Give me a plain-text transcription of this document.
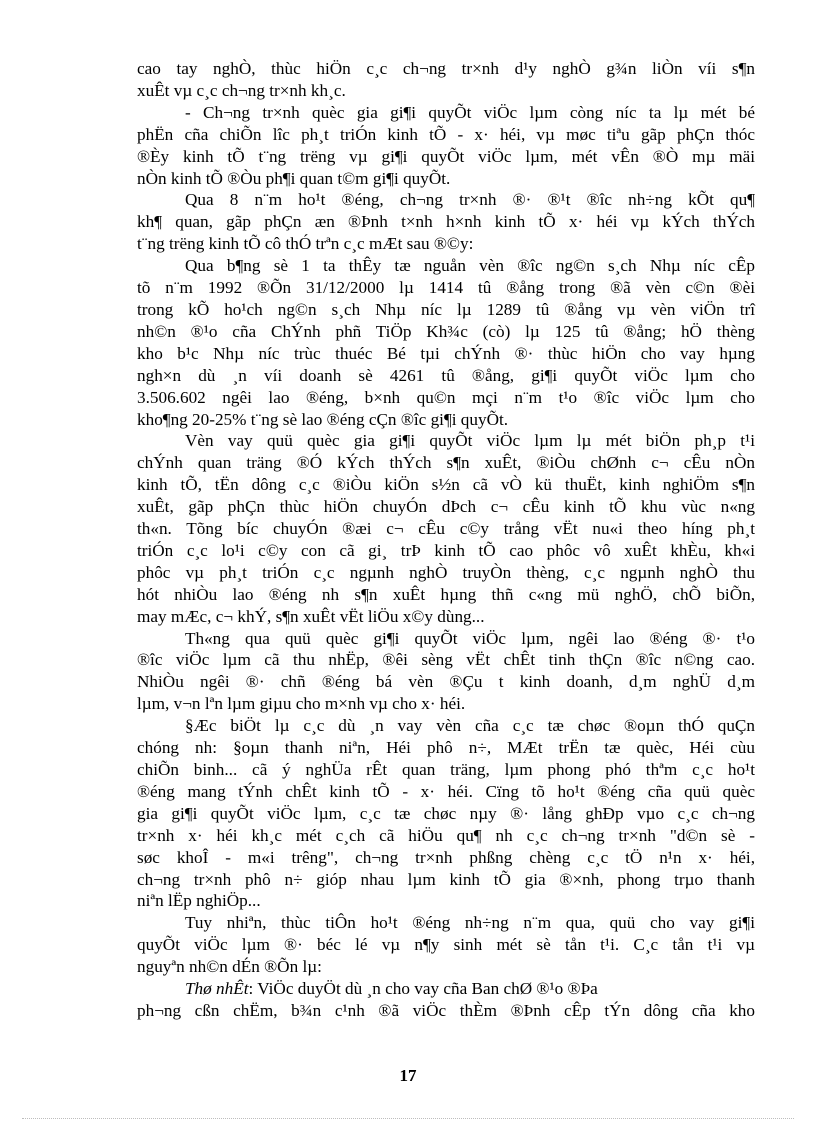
cao tay nghÒ, thùc hiÖn c¸c ch¬ng tr×nh d¹y nghÒ g¾n liÒn víi s¶n
xuÊt vµ c¸c ch¬ng tr×nh kh¸c.

- Ch¬ng tr×nh quèc gia gi¶i quyÕt viÖc lµm còng níc ta lµ mét bé
phËn cña chiÕn lîc ph¸t triÓn kinh tÕ - x· héi, vµ møc tiªu gãp phÇn thóc
®Èy kinh tÕ t¨ng trëng vµ gi¶i quyÕt viÖc lµm, mét vÊn ®Ò mµ mäi
nÒn kinh tÕ ®Òu ph¶i quan t©m gi¶i quyÕt.

Qua 8 n¨m ho¹t ®éng, ch¬ng tr×nh ®· ®¹t ®îc nh÷ng kÕt qu¶
kh¶ quan, gãp phÇn æn ®Þnh t×nh h×nh kinh tÕ x· héi vµ kÝch thÝch
t¨ng trëng kinh tÕ cô thÓ trªn c¸c mÆt sau ®©y:

Qua b¶ng sè 1 ta thÊy tæ nguån vèn ®îc ng©n s¸ch Nhµ níc cÊp
tõ n¨m 1992 ®Õn 31/12/2000 lµ 1414 tû ®ång trong ®ã vèn c©n ®èi
trong kÕ ho¹ch ng©n s¸ch Nhµ níc lµ 1289 tû ®ång vµ vèn viÖn trî
nh©n ®¹o cña ChÝnh phñ TiÖp Kh¾c (cò) lµ 125 tû ®ång; hÖ thèng
kho b¹c Nhµ níc trùc thuéc Bé tµi chÝnh ®· thùc hiÖn cho vay hµng
ngh×n dù ¸n víi doanh sè 4261 tû ®ång, gi¶i quyÕt viÖc lµm cho
3.506.602 ngêi lao ®éng, b×nh qu©n mçi n¨m t¹o ®îc viÖc lµm cho
kho¶ng 20-25% t¨ng sè lao ®éng cÇn ®îc gi¶i quyÕt.

Vèn vay quü quèc gia gi¶i quyÕt viÖc lµm lµ mét biÖn ph¸p t¹i
chÝnh quan träng ®Ó kÝch thÝch s¶n xuÊt, ®iÒu chØnh c¬ cÊu nÒn
kinh tÕ, tËn dông c¸c ®iÒu kiÖn s½n cã vÒ kü thuËt, kinh nghiÖm s¶n
xuÊt, gãp phÇn thùc hiÖn chuyÓn dÞch c¬ cÊu kinh tÕ khu vùc n«ng
th«n. Tõng bíc chuyÓn ®æi c¬ cÊu c©y trång vËt nu«i theo híng ph¸t
triÓn c¸c lo¹i c©y con cã gi¸ trÞ kinh tÕ cao phôc vô xuÊt khÈu, kh«i
phôc vµ ph¸t triÓn c¸c ngµnh nghÒ truyÒn thèng, c¸c ngµnh nghÒ thu
hót nhiÒu lao ®éng nh s¶n xuÊt hµng thñ c«ng mü nghÖ, chÕ biÕn,
may mÆc, c¬ khÝ, s¶n xuÊt vËt liÖu x©y dùng...

Th«ng qua quü quèc gi¶i quyÕt viÖc lµm, ngêi lao ®éng ®· t¹o
®îc viÖc lµm cã thu nhËp, ®êi sèng vËt chÊt tinh thÇn ®îc n©ng cao.
NhiÒu ngêi ®· chñ ®éng bá vèn ®Çu t kinh doanh, d¸m nghÜ d¸m
lµm, v¬n lªn lµm giµu cho m×nh vµ cho x· héi.

§Æc biÖt lµ c¸c dù ¸n vay vèn cña c¸c tæ chøc ®oµn thÓ quÇn
chóng nh: §oµn thanh niªn, Héi phô n÷, MÆt trËn tæ quèc, Héi cùu
chiÕn binh... cã ý nghÜa rÊt quan träng, lµm phong phó thªm c¸c ho¹t
®éng mang tÝnh chÊt kinh tÕ - x· héi. Cïng tõ ho¹t ®éng cña quü quèc
gia gi¶i quyÕt viÖc lµm, c¸c tæ chøc nµy ®· lång ghÐp vµo c¸c ch¬ng
tr×nh x· héi kh¸c mét c¸ch cã hiÖu qu¶ nh c¸c ch¬ng tr×nh "d©n sè -
søc khoÎ - m«i trêng", ch¬ng tr×nh phßng chèng c¸c tÖ n¹n x· héi,
ch¬ng tr×nh phô n÷ gióp nhau lµm kinh tÕ gia ®×nh, phong trµo thanh
niªn lËp nghiÖp...

Tuy nhiªn, thùc tiÔn ho¹t ®éng nh÷ng n¨m qua, quü cho vay gi¶i
quyÕt viÖc lµm ®· béc lé vµ n¶y sinh mét sè tån t¹i. C¸c tån t¹i vµ
nguyªn nh©n dÉn ®Õn lµ:

Thø nhÊt: ViÖc duyÖt dù ¸n cho vay cña Ban chØ ®¹o ®Þa
ph¬ng cßn chËm, b¾n c¹nh ®ã viÖc thÈm ®Þnh cÊp tÝn dông cña kho

17
